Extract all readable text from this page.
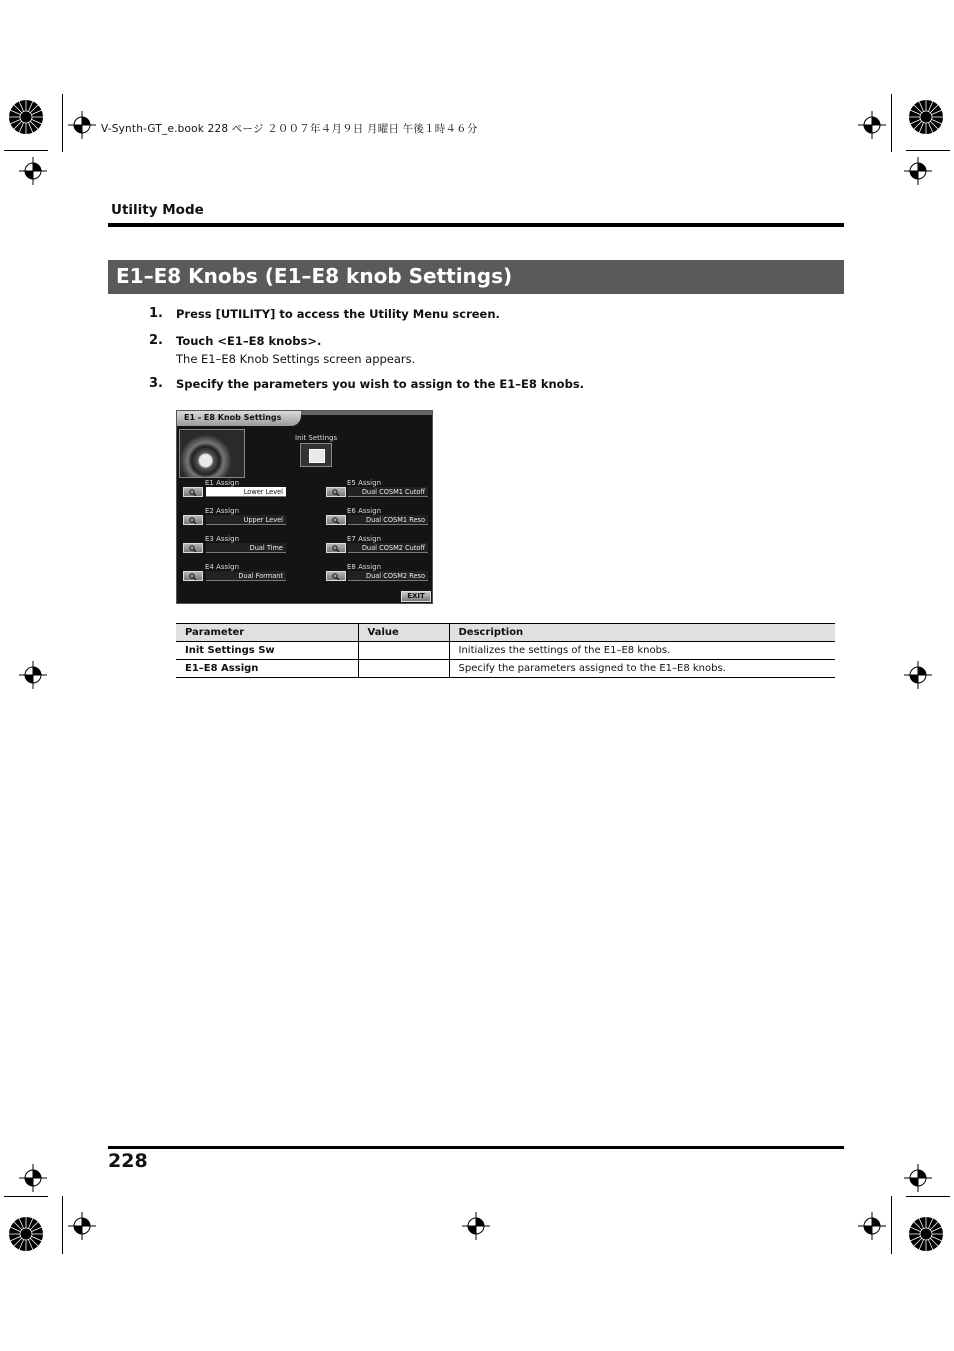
V-Synth-GT_e.book 228 ページ ２００７年４月９日 月曜日 午後１時４６分
Utility Mode
E1–E8 Knobs (E1–E8 knob Settings)
1. Press [UTILITY] to access the Utility Menu screen.
2. Touch <E1–E8 knobs>.
The E1–E8 Knob Settings screen appears.
3. Specify the parameters you wish to assign to the E1–E8 knobs.
E1 - E8 Knob Settings
Init Settings
E1 Assign
Lower Level
E2 Assign
Upper Level
E3 Assign
Dual Time
E4 Assign
Dual Formant
E5 Assign
Dual COSM1 Cutoff
E6 Assign
Dual COSM1 Reso
E7 Assign
Dual COSM2 Cutoff
E8 Assign
Dual COSM2 Reso
EXIT
Parameter	Value	Description
Init Settings Sw		Initializes the settings of the E1–E8 knobs.
E1–E8 Assign		Specify the parameters assigned to the E1–E8 knobs.
228
